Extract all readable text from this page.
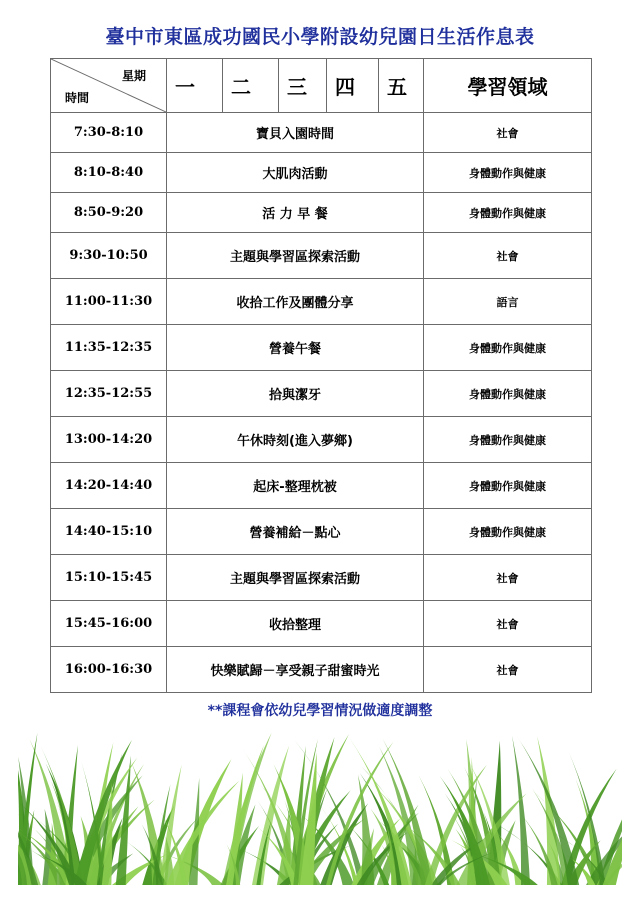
臺中市東區成功國民小學附設幼兒園日生活作息表
星期
時間	一	二	三	四	五	學習領域
7:30-8:10	寶貝入園時間					社會
8:10-8:40	大肌肉活動					身體動作與健康
8:50-9:20	活 力 早 餐					身體動作與健康
9:30-10:50	主題與學習區探索活動					社會
11:00-11:30	收拾工作及團體分享					語言
11:35-12:35	營養午餐					身體動作與健康
12:35-12:55	拾與潔牙					身體動作與健康
13:00-14:20	午休時刻(進入夢鄉)					身體動作與健康
14:20-14:40	起床-整理枕被					身體動作與健康
14:40-15:10	營養補給－點心					身體動作與健康
15:10-15:45	主題與學習區探索活動					社會
15:45-16:00	收拾整理					社會
16:00-16:30	快樂賦歸－享受親子甜蜜時光					社會
**課程會依幼兒學習情況做適度調整
